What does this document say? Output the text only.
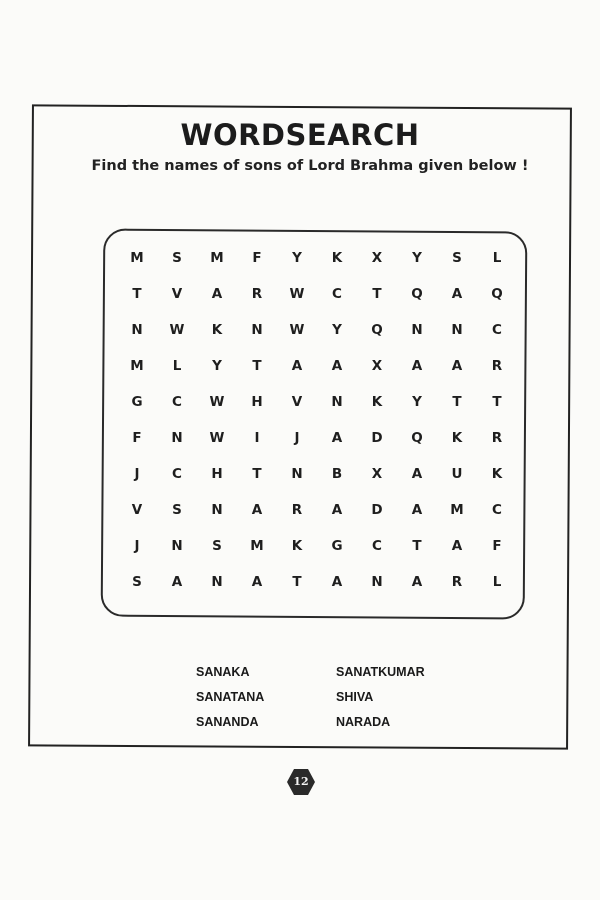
WORDSEARCH
Find the names of sons of Lord Brahma given below !
M	S	M	F	Y	K	X	Y	S	L
T	V	A	R	W	C	T	Q	A	Q
N	W	K	N	W	Y	Q	N	N	C
M	L	Y	T	A	A	X	A	A	R
G	C	W	H	V	N	K	Y	T	T
F	N	W	I	J	A	D	Q	K	R
J	C	H	T	N	B	X	A	U	K
V	S	N	A	R	A	D	A	M	C
J	N	S	M	K	G	C	T	A	F
S	A	N	A	T	A	N	A	R	L
SANAKA	SANATKUMAR
SANATANA	SHIVA
SANANDA	NARADA
12
